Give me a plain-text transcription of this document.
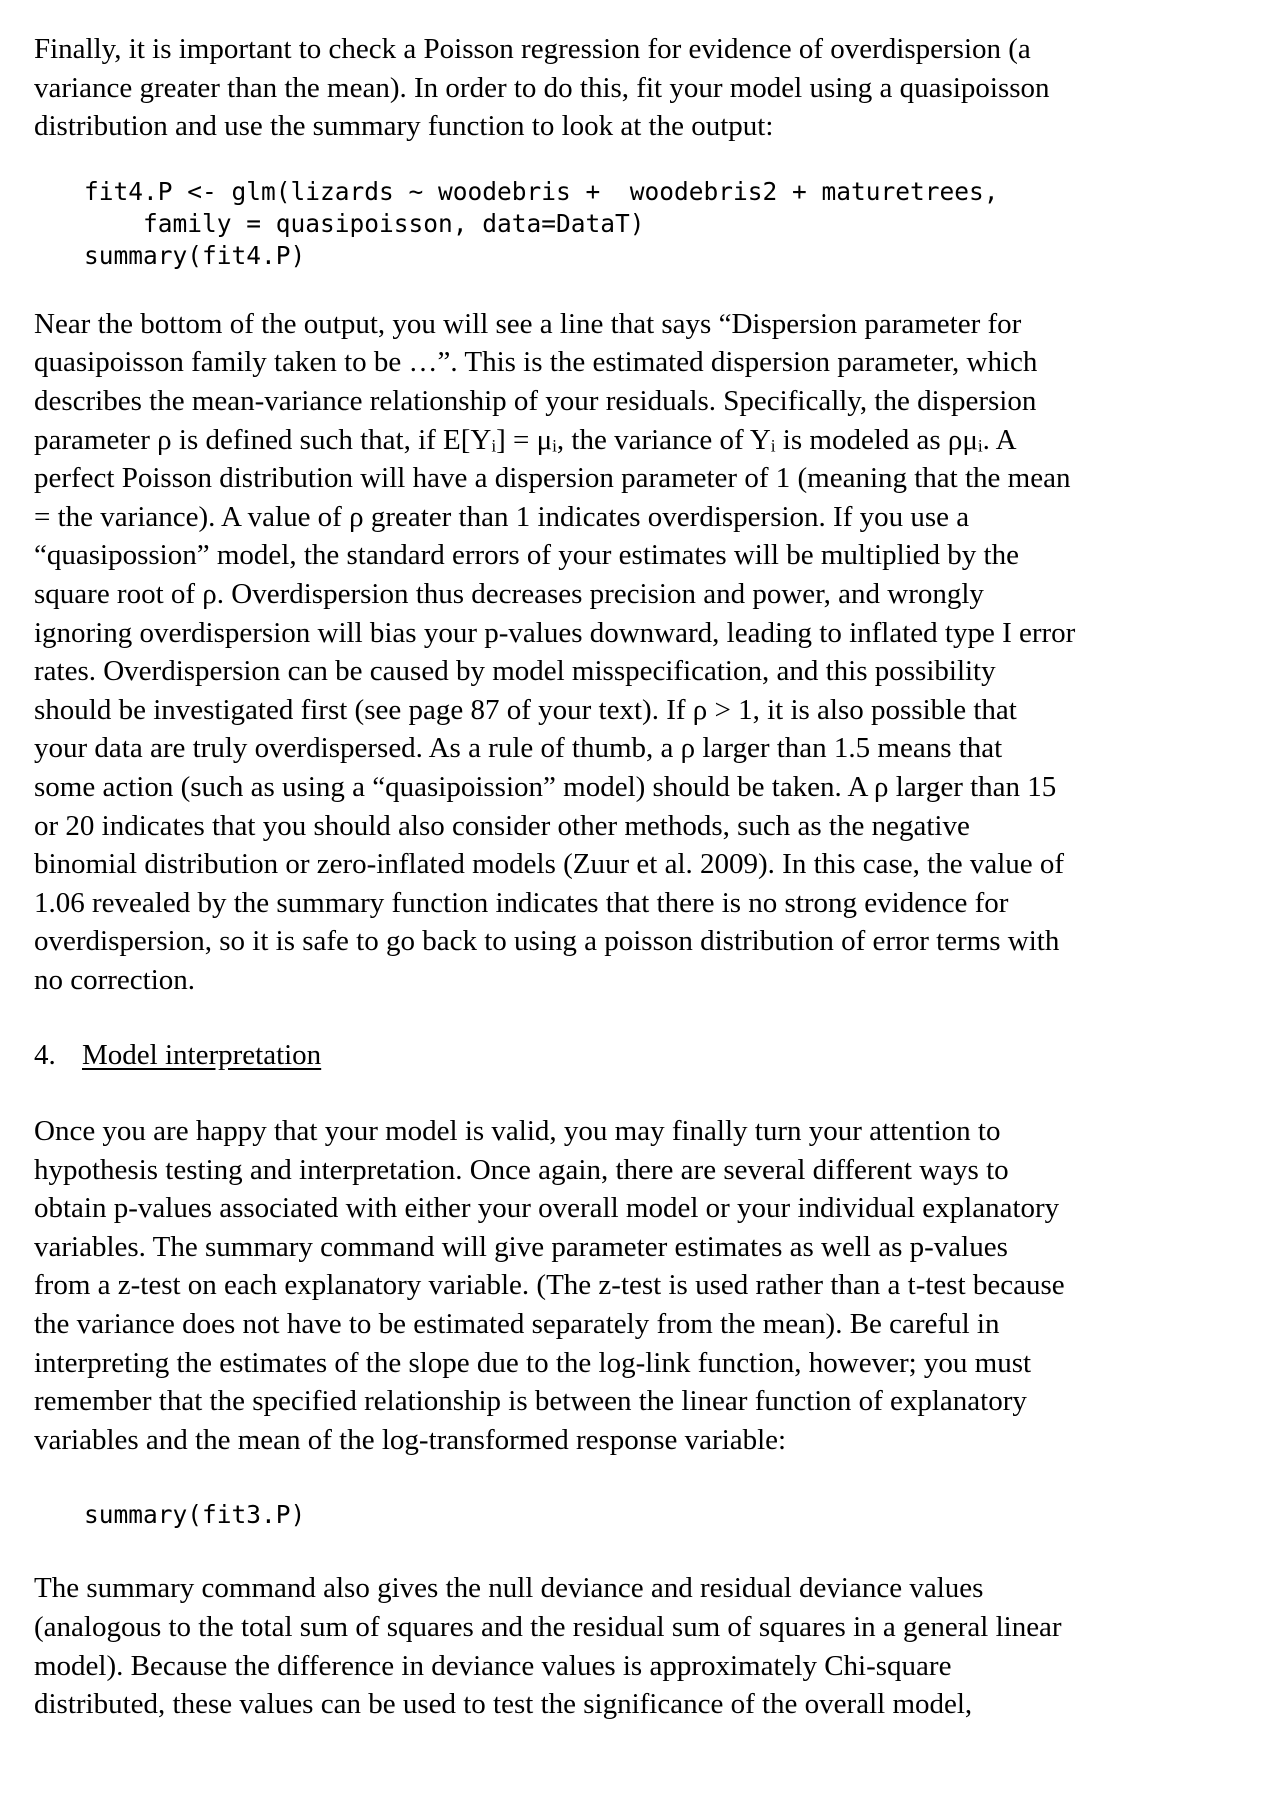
Finally, it is important to check a Poisson regression for evidence of overdispersion (a
variance greater than the mean). In order to do this, fit your model using a quasipoisson
distribution and use the summary function to look at the output:

fit4.P <- glm(lizards ~ woodebris +  woodebris2 + maturetrees,
family = quasipoisson, data=DataT)
summary(fit4.P)

Near the bottom of the output, you will see a line that says “Dispersion parameter for
quasipoisson family taken to be …”. This is the estimated dispersion parameter, which
describes the mean-variance relationship of your residuals. Specifically, the dispersion
parameter ρ is defined such that, if E[Yᵢ] = μᵢ, the variance of Yᵢ is modeled as ρμᵢ. A
perfect Poisson distribution will have a dispersion parameter of 1 (meaning that the mean
= the variance). A value of ρ greater than 1 indicates overdispersion. If you use a
“quasipossion” model, the standard errors of your estimates will be multiplied by the
square root of ρ. Overdispersion thus decreases precision and power, and wrongly
ignoring overdispersion will bias your p-values downward, leading to inflated type I error
rates. Overdispersion can be caused by model misspecification, and this possibility
should be investigated first (see page 87 of your text). If ρ > 1, it is also possible that
your data are truly overdispersed. As a rule of thumb, a ρ larger than 1.5 means that
some action (such as using a “quasipoission” model) should be taken. A ρ larger than 15
or 20 indicates that you should also consider other methods, such as the negative
binomial distribution or zero-inflated models (Zuur et al. 2009). In this case, the value of
1.06 revealed by the summary function indicates that there is no strong evidence for
overdispersion, so it is safe to go back to using a poisson distribution of error terms with
no correction.

4. Model interpretation

Once you are happy that your model is valid, you may finally turn your attention to
hypothesis testing and interpretation. Once again, there are several different ways to
obtain p-values associated with either your overall model or your individual explanatory
variables. The summary command will give parameter estimates as well as p-values
from a z-test on each explanatory variable. (The z-test is used rather than a t-test because
the variance does not have to be estimated separately from the mean). Be careful in
interpreting the estimates of the slope due to the log-link function, however; you must
remember that the specified relationship is between the linear function of explanatory
variables and the mean of the log-transformed response variable:

summary(fit3.P)

The summary command also gives the null deviance and residual deviance values
(analogous to the total sum of squares and the residual sum of squares in a general linear
model). Because the difference in deviance values is approximately Chi-square
distributed, these values can be used to test the significance of the overall model,
